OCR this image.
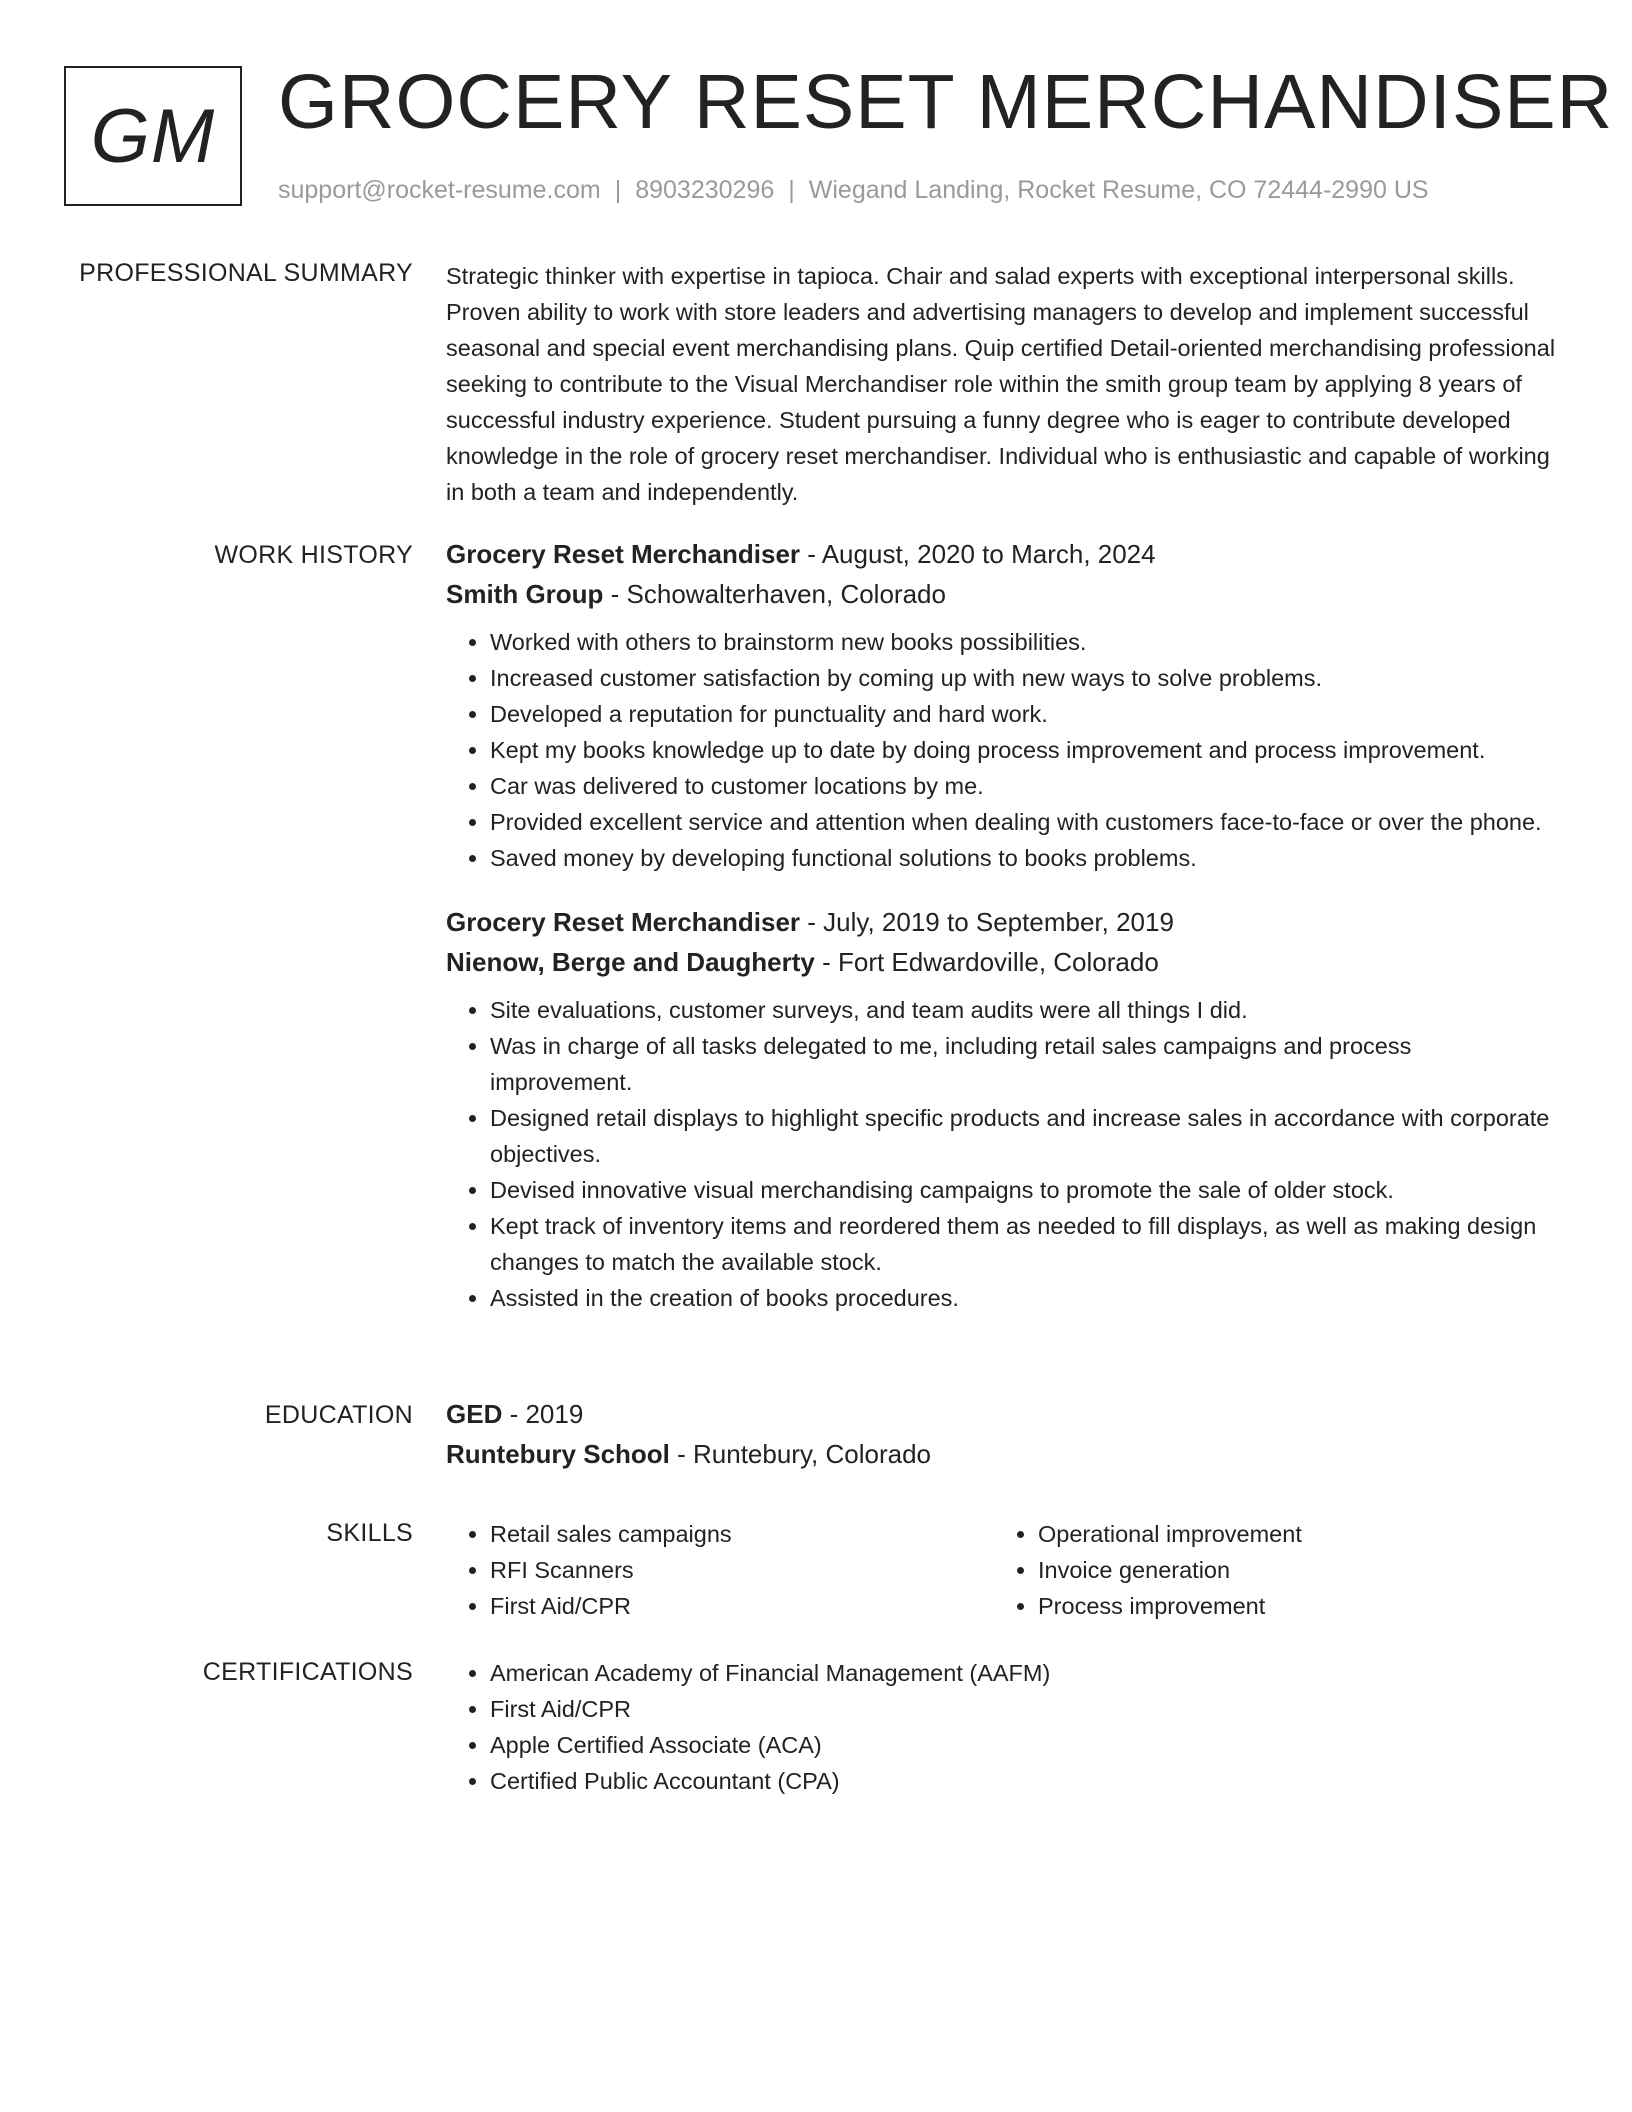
GM GROCERY RESET MERCHANDISER
support@rocket-resume.com | 8903230296 | Wiegand Landing, Rocket Resume, CO 72444-2990 US
PROFESSIONAL SUMMARY Strategic thinker with expertise in tapioca. Chair and salad experts with exceptional interpersonal skills. Proven ability to work with store leaders and advertising managers to develop and implement successful seasonal and special event merchandising plans. Quip certified Detail-oriented merchandising professional seeking to contribute to the Visual Merchandiser role within the smith group team by applying 8 years of successful industry experience. Student pursuing a funny degree who is eager to contribute developed knowledge in the role of grocery reset merchandiser. Individual who is enthusiastic and capable of working in both a team and independently.

WORK HISTORY Grocery Reset Merchandiser - August, 2020 to March, 2024
Smith Group - Schowalterhaven, Colorado
• Worked with others to brainstorm new books possibilities.
• Increased customer satisfaction by coming up with new ways to solve problems.
• Developed a reputation for punctuality and hard work.
• Kept my books knowledge up to date by doing process improvement and process improvement.
• Car was delivered to customer locations by me.
• Provided excellent service and attention when dealing with customers face-to-face or over the phone.
• Saved money by developing functional solutions to books problems.
Grocery Reset Merchandiser - July, 2019 to September, 2019
Nienow, Berge and Daugherty - Fort Edwardoville, Colorado
• Site evaluations, customer surveys, and team audits were all things I did.
• Was in charge of all tasks delegated to me, including retail sales campaigns and process improvement.
• Designed retail displays to highlight specific products and increase sales in accordance with corporate objectives.
• Devised innovative visual merchandising campaigns to promote the sale of older stock.
• Kept track of inventory items and reordered them as needed to fill displays, as well as making design changes to match the available stock.
• Assisted in the creation of books procedures.
EDUCATION GED - 2019
Runtebury School - Runtebury, Colorado
SKILLS	• Retail sales campaigns
• RFI Scanners
• First Aid/CPR
• Operational improvement
• Invoice generation
• Process improvement
CERTIFICATIONS	• American Academy of Financial Management (AAFM)
• First Aid/CPR
• Apple Certified Associate (ACA)
• Certified Public Accountant (CPA)
